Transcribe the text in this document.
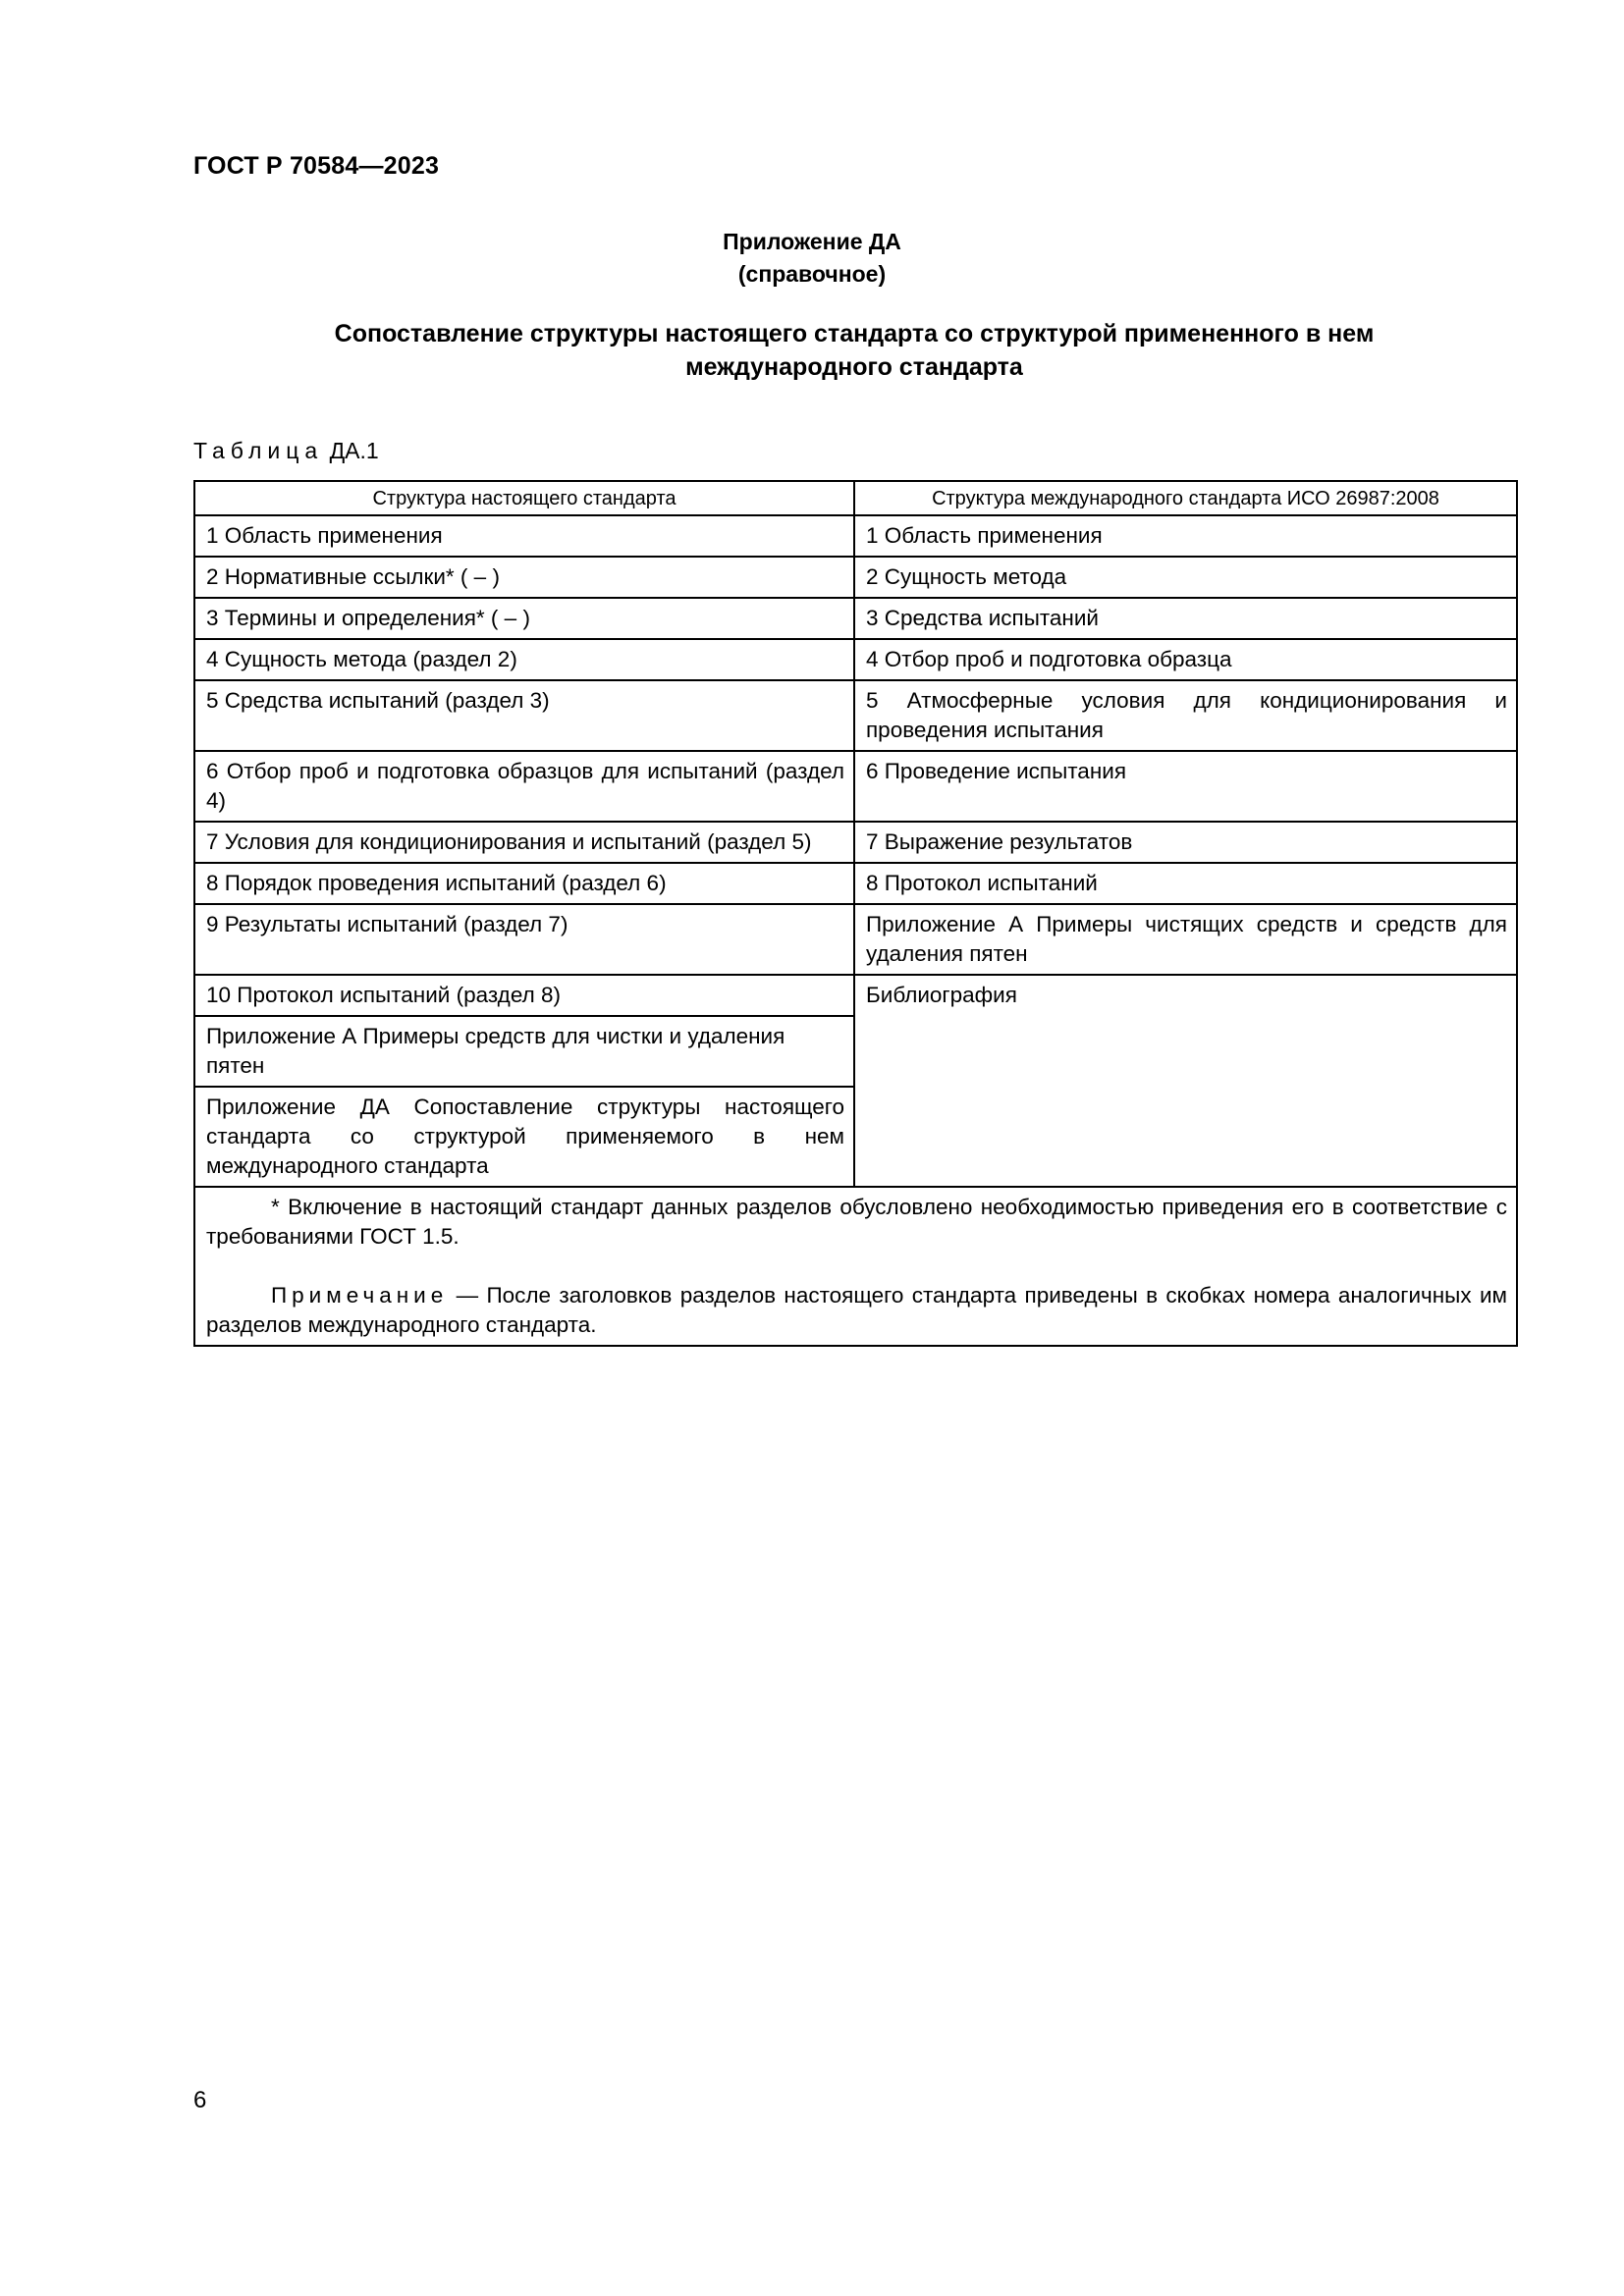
ГОСТ Р 70584—2023
Приложение ДА
(справочное)
Сопоставление структуры настоящего стандарта со структурой примененного в нем
международного стандарта
Таблица ДА.1
Структура настоящего стандарта	Структура международного стандарта ИСО 26987:2008
1 Область применения	1 Область применения
2 Нормативные ссылки* ( – )	2 Сущность метода
3 Термины и определения* ( – )	3 Средства испытаний
4 Сущность метода (раздел 2)	4 Отбор проб и подготовка образца
5 Средства испытаний (раздел 3)	5 Атмосферные условия для кондиционирования и проведения испытания
6 Отбор проб и подготовка образцов для испытаний (раздел 4)	6 Проведение испытания
7 Условия для кондиционирования и испытаний (раздел 5)	7 Выражение результатов
8 Порядок проведения испытаний (раздел 6)	8 Протокол испытаний
9 Результаты испытаний (раздел 7)	Приложение А Примеры чистящих средств и средств для удаления пятен
10 Протокол испытаний (раздел 8)	Библиография
Приложение А Примеры средств для чистки и удаления пятен	
Приложение ДА Сопоставление структуры настоящего стандарта со структурой применяемого в нем международного стандарта	

* Включение в настоящий стандарт данных разделов обусловлено необходимостью приведения его в соответствие с требованиями ГОСТ 1.5.

Примечание — После заголовков разделов настоящего стандарта приведены в скобках номера аналогичных им разделов международного стандарта.	

6
